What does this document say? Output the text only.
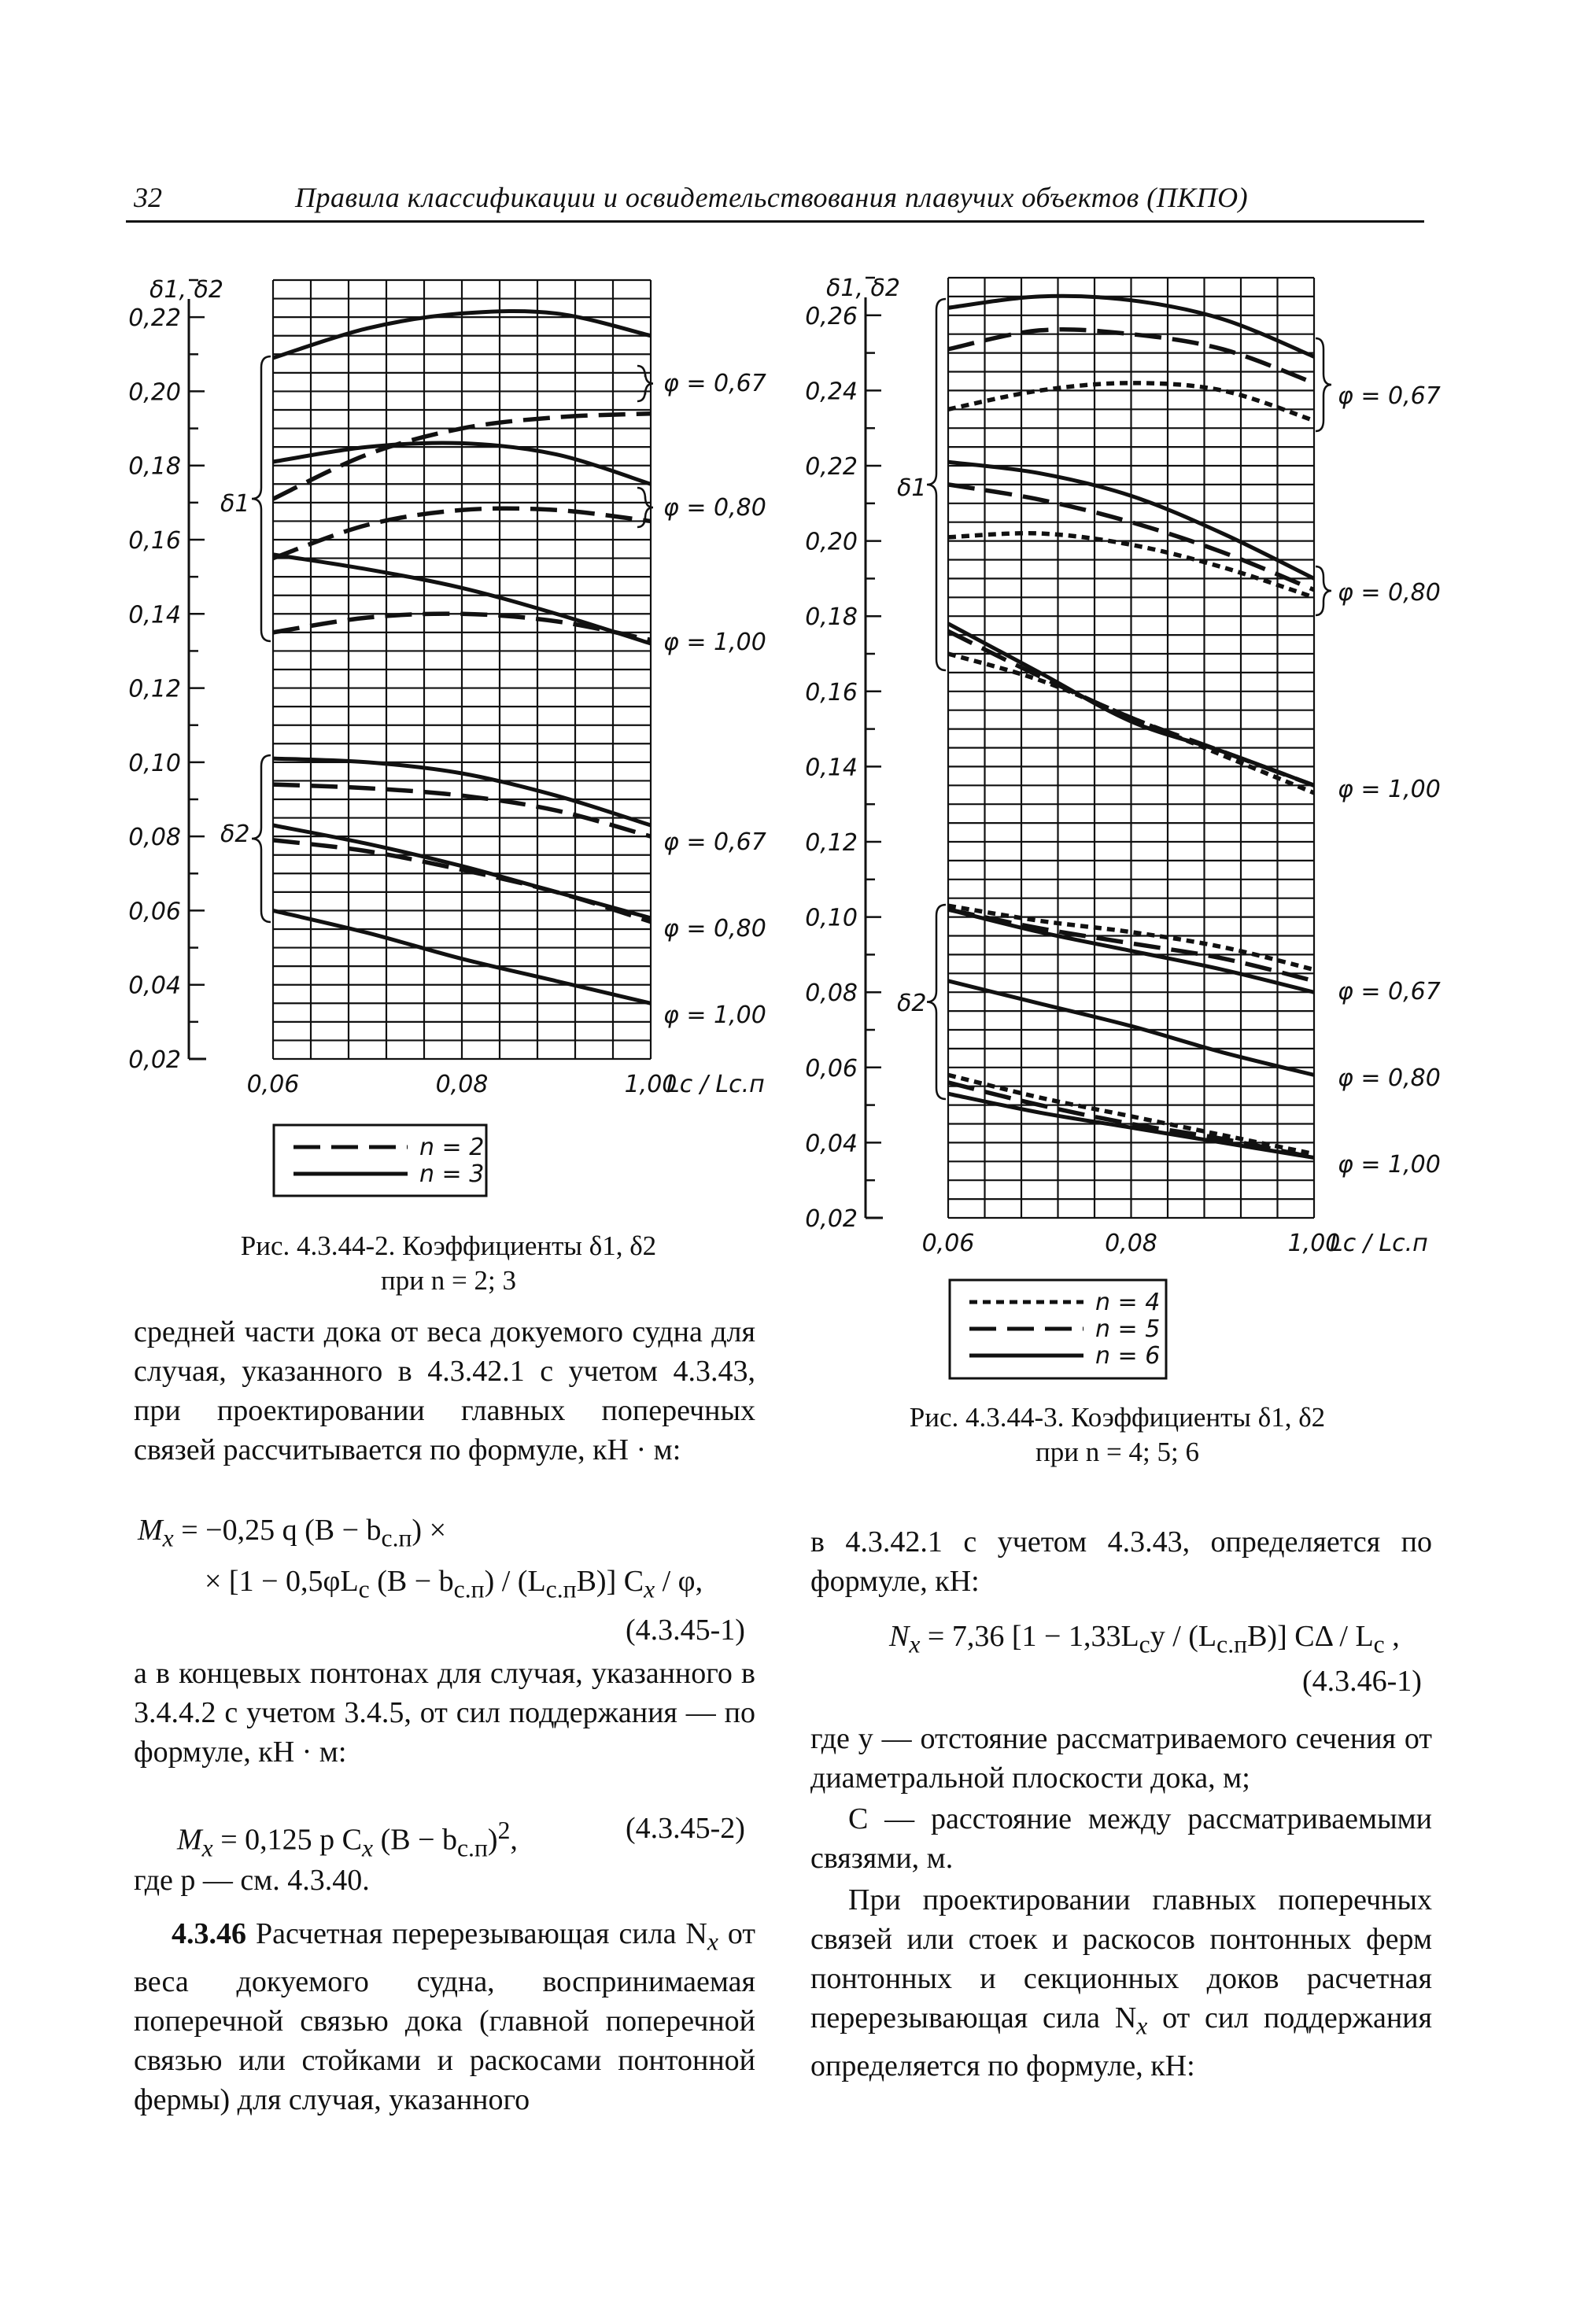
32	Правила классификации и освидетельствования плавучих объектов (ПКПО)
0,22
0,20
0,18
0,16
0,14
0,12
0,10
0,08
0,06
0,04
0,02
δ1, δ2
0,06	0,08	1,00
Lc / Lc.п
δ1
δ2
φ = 0,67
φ = 0,80
φ = 1,00
φ = 0,67
φ = 0,80
φ = 1,00
n = 2
n = 3
0,26
0,24
0,22
0,20
0,18
0,16
0,14
0,12
0,10
0,08
0,06
0,04
0,02
δ1, δ2
0,06	0,08	1,00
Lc / Lc.п
δ1
δ2
φ = 0,67
φ = 0,80
φ = 1,00
φ = 0,67
φ = 0,80
φ = 1,00
n = 4
n = 5
n = 6
Рис. 4.3.44-2. Коэффициенты δ1, δ2
при n = 2; 3
Рис. 4.3.44-3. Коэффициенты δ1, δ2
при n = 4; 5; 6

средней части дока от веса докуемого судна для случая, указанного в 4.3.42.1 с учетом 4.3.43, при проектировании главных поперечных связей рассчитывается по формуле, кН · м:

$M_x = -0,25$ q $(B - b_{с.п})$ ×
× [$1 - 0,5\varphi L_с$ $(B - b_{с.п}) / (L_{с.п}B)$] $C_x$ / φ,
(4.3.45-1)

а в концевых понтонах для случая, указанного в 3.4.4.2 с учетом 3.4.5, от сил поддержания — по формуле, кН · м:

$M_x = 0,125$ p $C_x$ $(B - b_{с.п})^2$,	(4.3.45-2)

где p — см. 4.3.40.

4.3.46 Расчетная перерезывающая сила $N_x$ от веса докуемого судна, воспринимаемая поперечной связью дока (главной поперечной связью или стойками и раскосами понтонной фермы) для случая, указанного

в 4.3.42.1 с учетом 4.3.43, определяется по формуле, кН:

$N_x = 7,36$ $[1 - 1,33L_сy / (L_{с.п}B)]$ CΔ / $L_с$ ,
(4.3.46-1)

где y — отстояние рассматриваемого сечения от диаметральной плоскости дока, м;

C — расстояние между рассматриваемыми связями, м.

При проектировании главных поперечных связей или стоек и раскосов понтонных ферм понтонных и секционных доков расчетная перерезывающая сила $N_x$ от сил поддержания определяется по формуле, кН:
